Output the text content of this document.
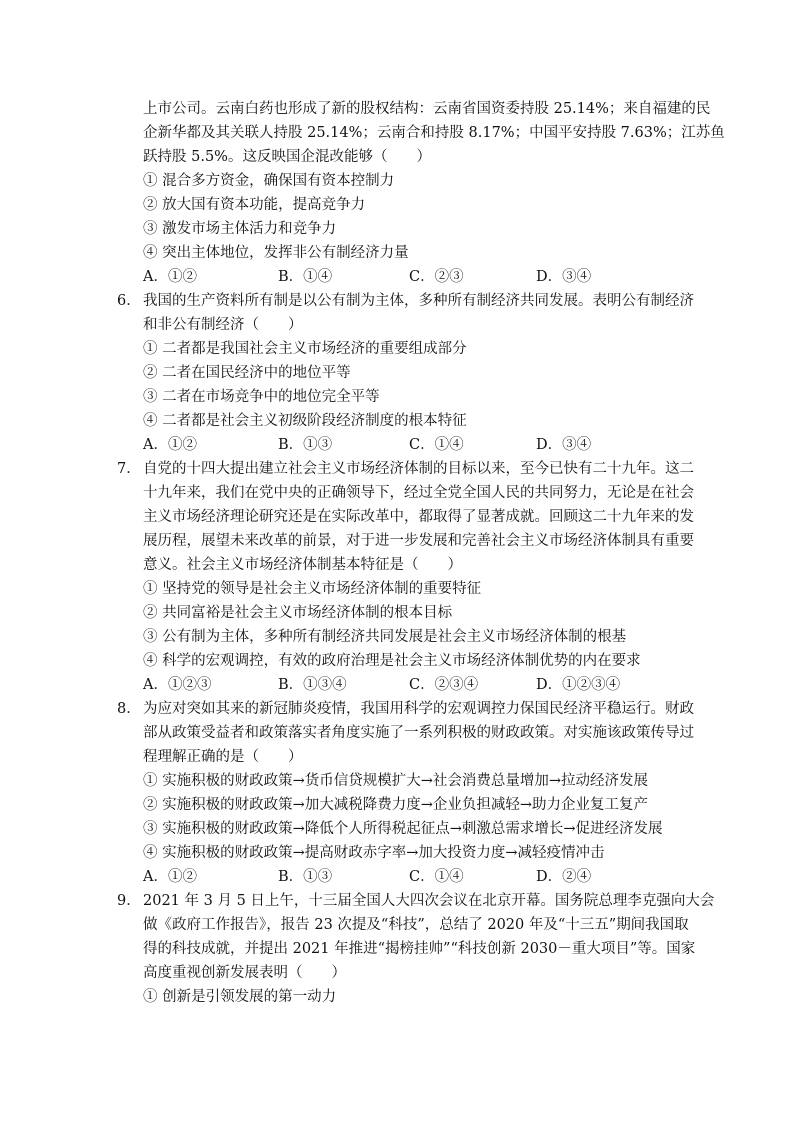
上市公司。云南白药也形成了新的股权结构：云南省国资委持股 25.14%；来自福建的民
企新华都及其关联人持股 25.14%；云南合和持股 8.17%；中国平安持股 7.63%；江苏鱼
跃持股 5.5%。这反映国企混改能够（　　）
① 混合多方资金，确保国有资本控制力
② 放大国有资本功能，提高竞争力
③ 激发市场主体活力和竞争力
④ 突出主体地位，发挥非公有制经济力量
A．①②	B．①④	C．②③	D．③④
6． 我国的生产资料所有制是以公有制为主体，多种所有制经济共同发展。表明公有制经济
和非公有制经济（　　）
① 二者都是我国社会主义市场经济的重要组成部分
② 二者在国民经济中的地位平等
③ 二者在市场竞争中的地位完全平等
④ 二者都是社会主义初级阶段经济制度的根本特征
A．①②	B．①③	C．①④	D．③④
7． 自党的十四大提出建立社会主义市场经济体制的目标以来，至今已快有二十九年。这二
十九年来，我们在党中央的正确领导下，经过全党全国人民的共同努力，无论是在社会
主义市场经济理论研究还是在实际改革中，都取得了显著成就。回顾这二十九年来的发
展历程，展望未来改革的前景，对于进一步发展和完善社会主义市场经济体制具有重要
意义。社会主义市场经济体制基本特征是（　　）
① 坚持党的领导是社会主义市场经济体制的重要特征
② 共同富裕是社会主义市场经济体制的根本目标
③ 公有制为主体，多种所有制经济共同发展是社会主义市场经济体制的根基
④ 科学的宏观调控，有效的政府治理是社会主义市场经济体制优势的内在要求
A．①②③	B．①③④	C．②③④	D．①②③④
8． 为应对突如其来的新冠肺炎疫情，我国用科学的宏观调控力保国民经济平稳运行。财政
部从政策受益者和政策落实者角度实施了一系列积极的财政政策。对实施该政策传导过
程理解正确的是（　　）
① 实施积极的财政政策→货币信贷规模扩大→社会消费总量增加→拉动经济发展
② 实施积极的财政政策→加大减税降费力度→企业负担减轻→助力企业复工复产
③ 实施积极的财政政策→降低个人所得税起征点→刺激总需求增长→促进经济发展
④ 实施积极的财政政策→提高财政赤字率→加大投资力度→减轻疫情冲击
A．①②	B．①③	C．①④	D．②④
9． 2021 年 3 月 5 日上午，十三届全国人大四次会议在北京开幕。国务院总理李克强向大会
做《政府工作报告》，报告 23 次提及“科技”，总结了 2020 年及“十三五”期间我国取
得的科技成就，并提出 2021 年推进“揭榜挂帅”“科技创新 2030－重大项目”等。国家
高度重视创新发展表明（　　）
① 创新是引领发展的第一动力
